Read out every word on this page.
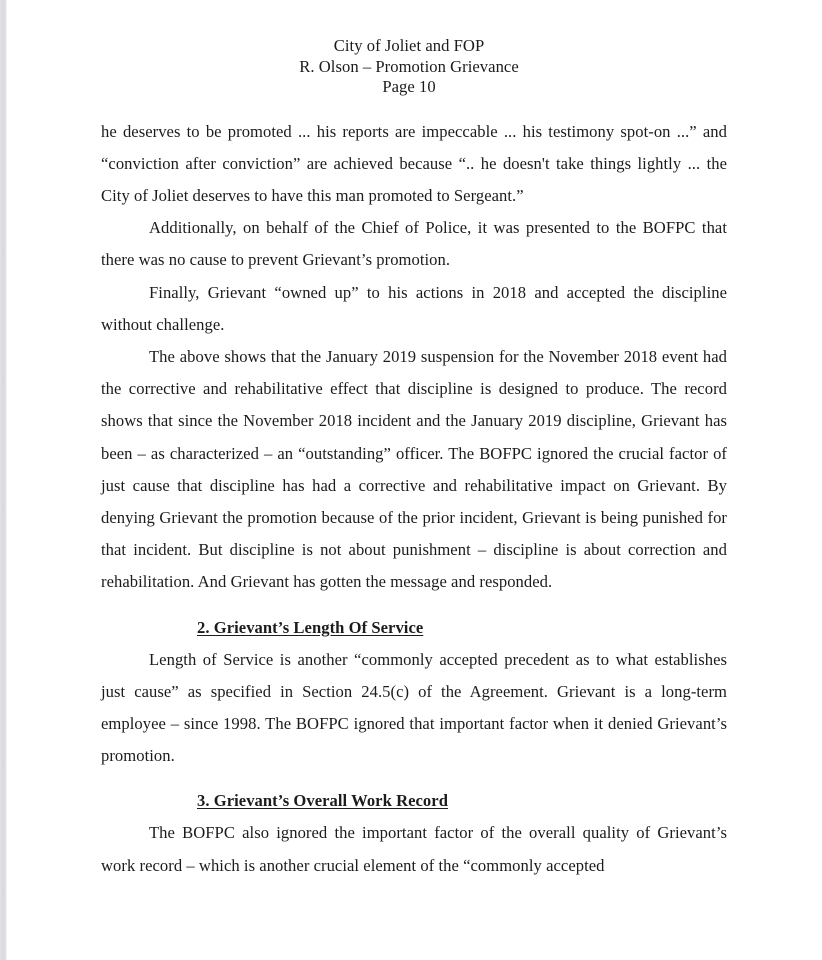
City of Joliet and FOP
R. Olson – Promotion Grievance
Page 10

he deserves to be promoted ... his reports are impeccable ... his testimony spot-on ...” and “conviction after conviction” are achieved because “.. he doesn't take things lightly ... the City of Joliet deserves to have this man promoted to Sergeant.”

Additionally, on behalf of the Chief of Police, it was presented to the BOFPC that there was no cause to prevent Grievant’s promotion.

Finally, Grievant “owned up” to his actions in 2018 and accepted the discipline without challenge.

The above shows that the January 2019 suspension for the November 2018 event had the corrective and rehabilitative effect that discipline is designed to produce. The record shows that since the November 2018 incident and the January 2019 discipline, Grievant has been – as characterized – an “outstanding” officer. The BOFPC ignored the crucial factor of just cause that discipline has had a corrective and rehabilitative impact on Grievant. By denying Grievant the promotion because of the prior incident, Grievant is being punished for that incident. But discipline is not about punishment – discipline is about correction and rehabilitation. And Grievant has gotten the message and responded.

2. Grievant’s Length Of Service

Length of Service is another “commonly accepted precedent as to what establishes just cause” as specified in Section 24.5(c) of the Agreement. Grievant is a long-term employee – since 1998. The BOFPC ignored that important factor when it denied Grievant’s promotion.

3. Grievant’s Overall Work Record

The BOFPC also ignored the important factor of the overall quality of Grievant’s work record – which is another crucial element of the “commonly accepted
